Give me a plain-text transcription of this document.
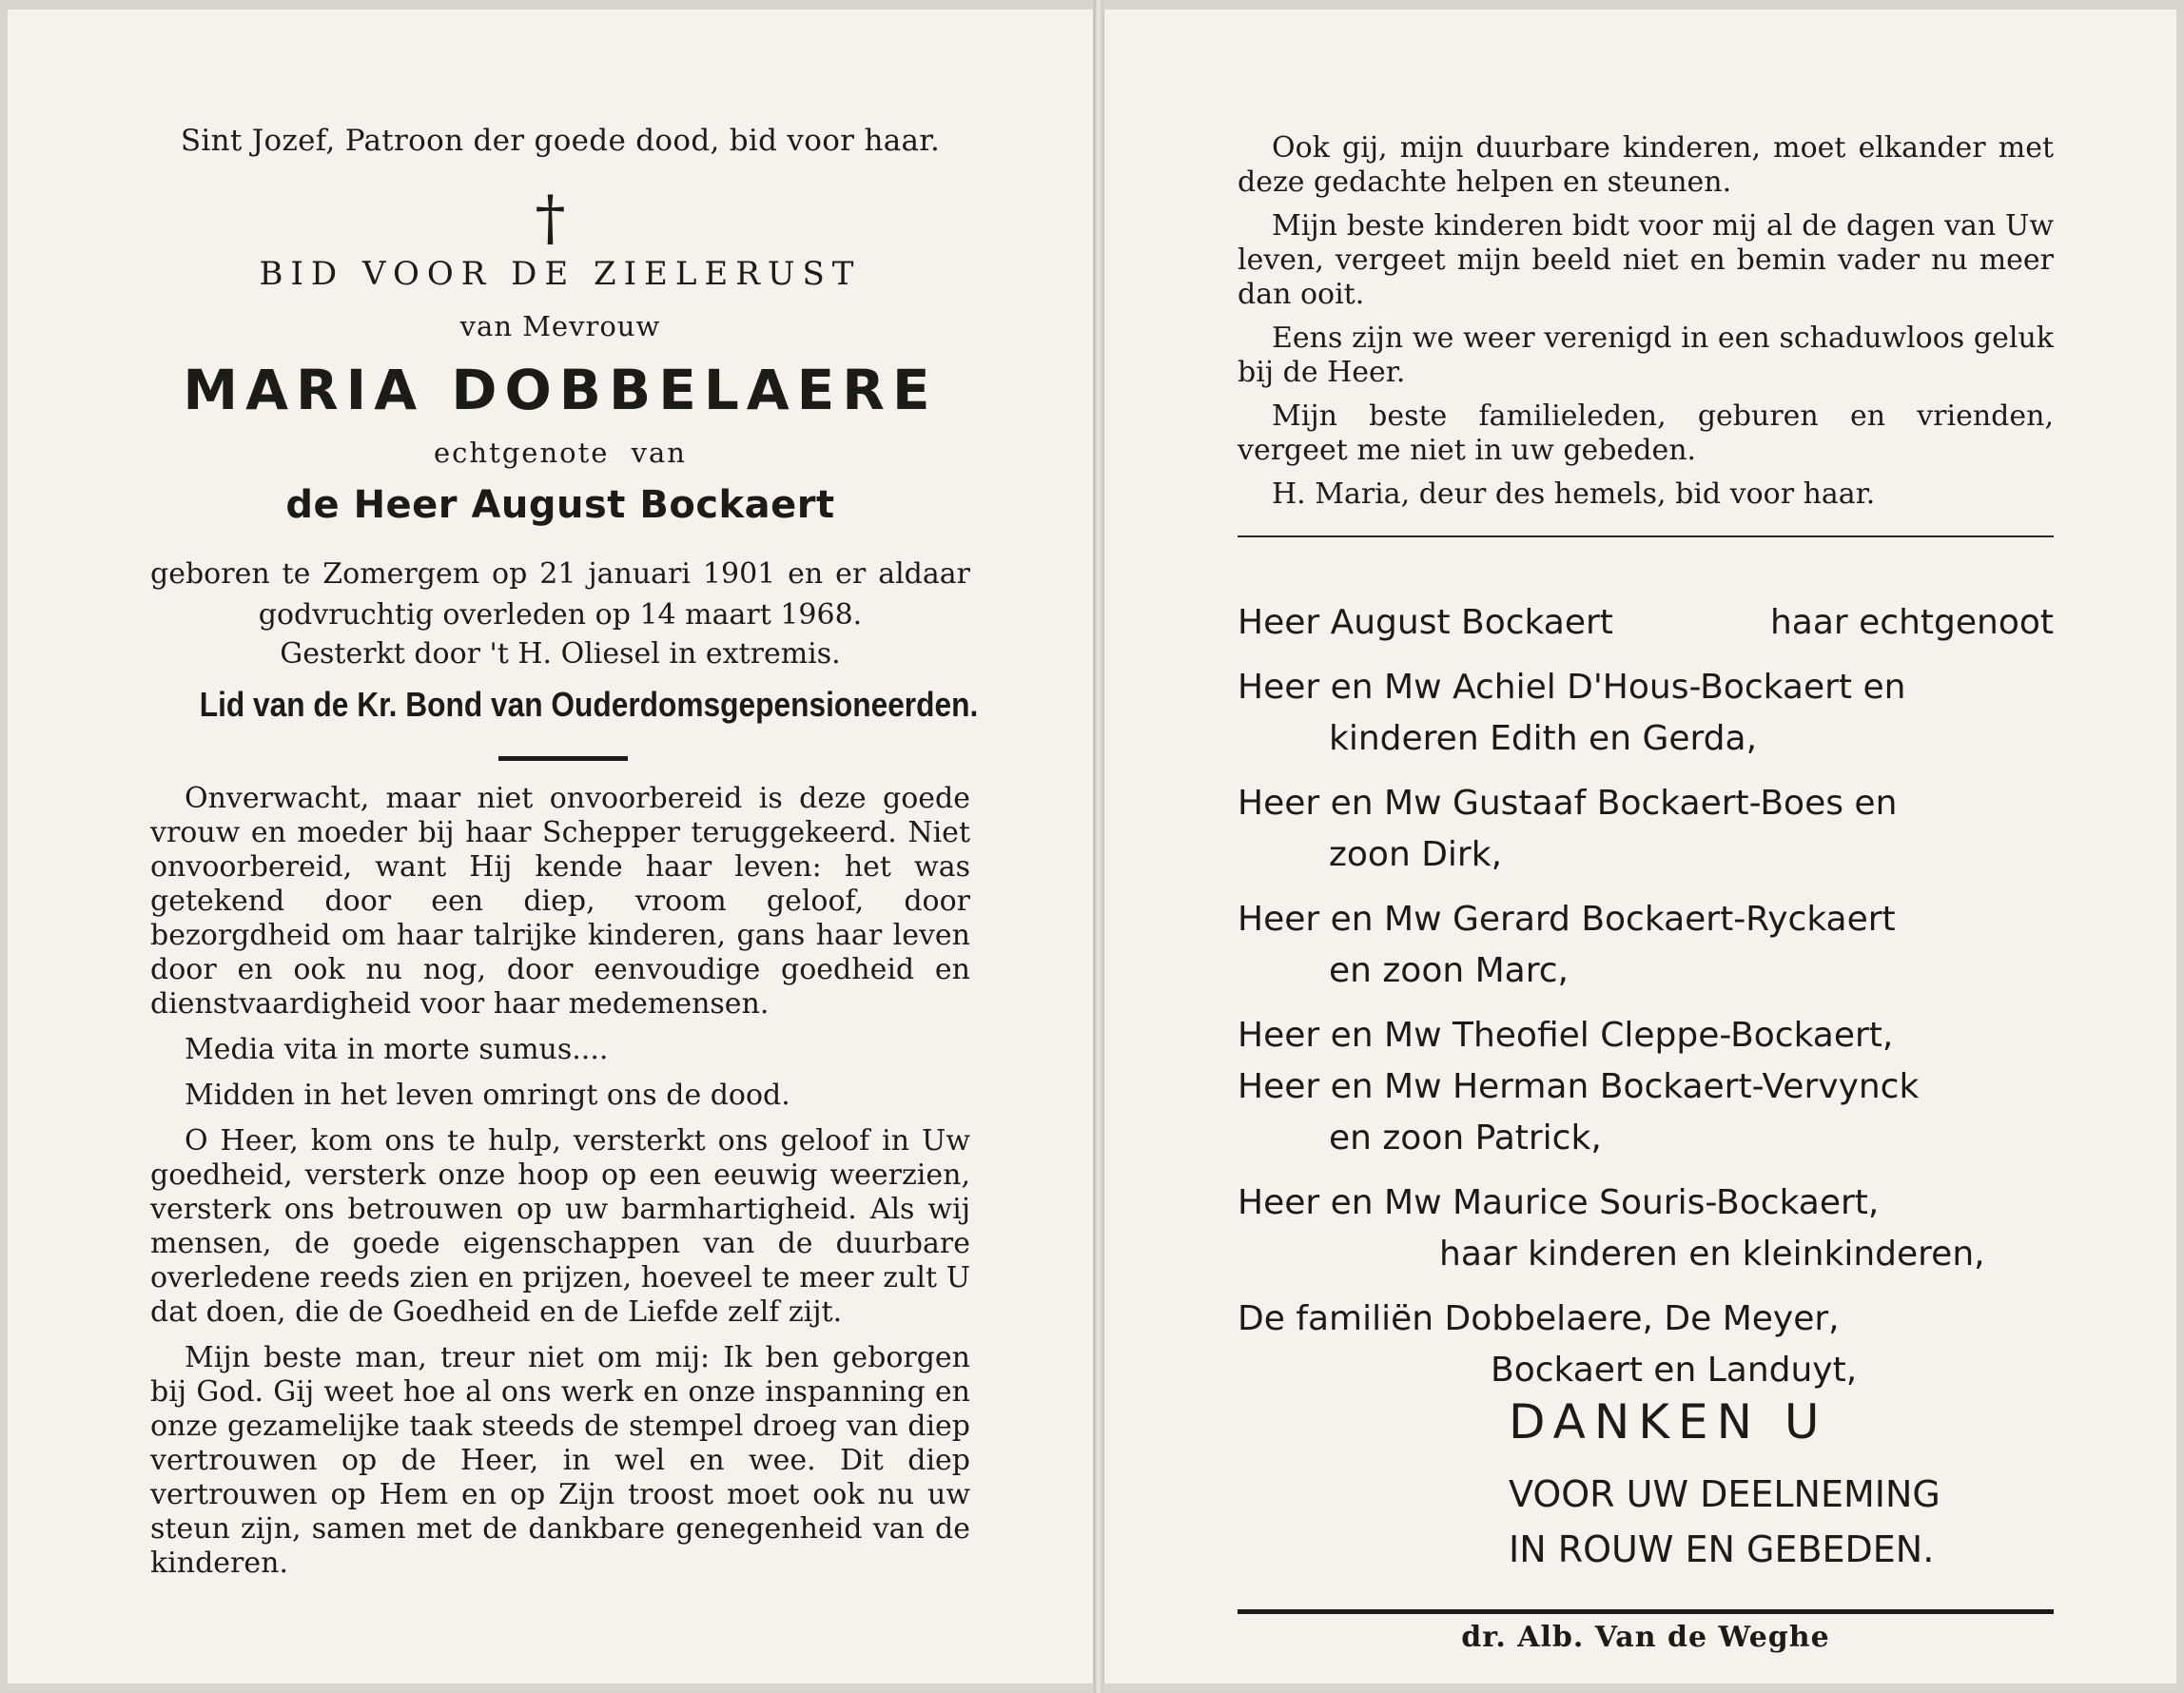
Sint Jozef, Patroon der goede dood, bid voor haar.
†
BID VOOR DE ZIELERUST
van Mevrouw
MARIA DOBBELAERE
echtgenote van
de Heer August Bockaert
geboren te Zomergem op 21 januari 1901 en er aldaar godvruchtig overleden op 14 maart 1968.
Gesterkt door 't H. Oliesel in extremis.
Lid van de Kr. Bond van Ouderdomsgepensioneerden.

Onverwacht, maar niet onvoorbereid is deze goede vrouw en moeder bij haar Schepper teruggekeerd. Niet onvoorbereid, want Hij kende haar leven: het was getekend door een diep, vroom geloof, door bezorgdheid om haar talrijke kinderen, gans haar leven door en ook nu nog, door eenvoudige goedheid en dienstvaardigheid voor haar medemensen.

Media vita in morte sumus....

Midden in het leven omringt ons de dood.

O Heer, kom ons te hulp, versterkt ons geloof in Uw goedheid, versterk onze hoop op een eeuwig weerzien, versterk ons betrouwen op uw barmhartigheid. Als wij mensen, de goede eigenschappen van de duurbare overledene reeds zien en prijzen, hoeveel te meer zult U dat doen, die de Goedheid en de Liefde zelf zijt.

Mijn beste man, treur niet om mij: Ik ben geborgen bij God. Gij weet hoe al ons werk en onze inspanning en onze gezamelijke taak steeds de stempel droeg van diep vertrouwen op de Heer, in wel en wee. Dit diep vertrouwen op Hem en op Zijn troost moet ook nu uw steun zijn, samen met de dankbare genegenheid van de kinderen.

Ook gij, mijn duurbare kinderen, moet elkander met deze gedachte helpen en steunen.

Mijn beste kinderen bidt voor mij al de dagen van Uw leven, vergeet mijn beeld niet en bemin vader nu meer dan ooit.

Eens zijn we weer verenigd in een schaduwloos geluk bij de Heer.

Mijn beste familieleden, geburen en vrienden, vergeet me niet in uw gebeden.

H. Maria, deur des hemels, bid voor haar.

Heer August Bockaert	haar echtgenoot
Heer en Mw Achiel D'Hous-Bockaert en
kinderen Edith en Gerda,
Heer en Mw Gustaaf Bockaert-Boes en
zoon Dirk,
Heer en Mw Gerard Bockaert-Ryckaert
en zoon Marc,
Heer en Mw Theofiel Cleppe-Bockaert,
Heer en Mw Herman Bockaert-Vervynck
en zoon Patrick,
Heer en Mw Maurice Souris-Bockaert,
haar kinderen en kleinkinderen,
De familiën Dobbelaere, De Meyer,
Bockaert en Landuyt,
DANKEN U
VOOR UW DEELNEMING
IN ROUW EN GEBEDEN.
dr. Alb. Van de Weghe
